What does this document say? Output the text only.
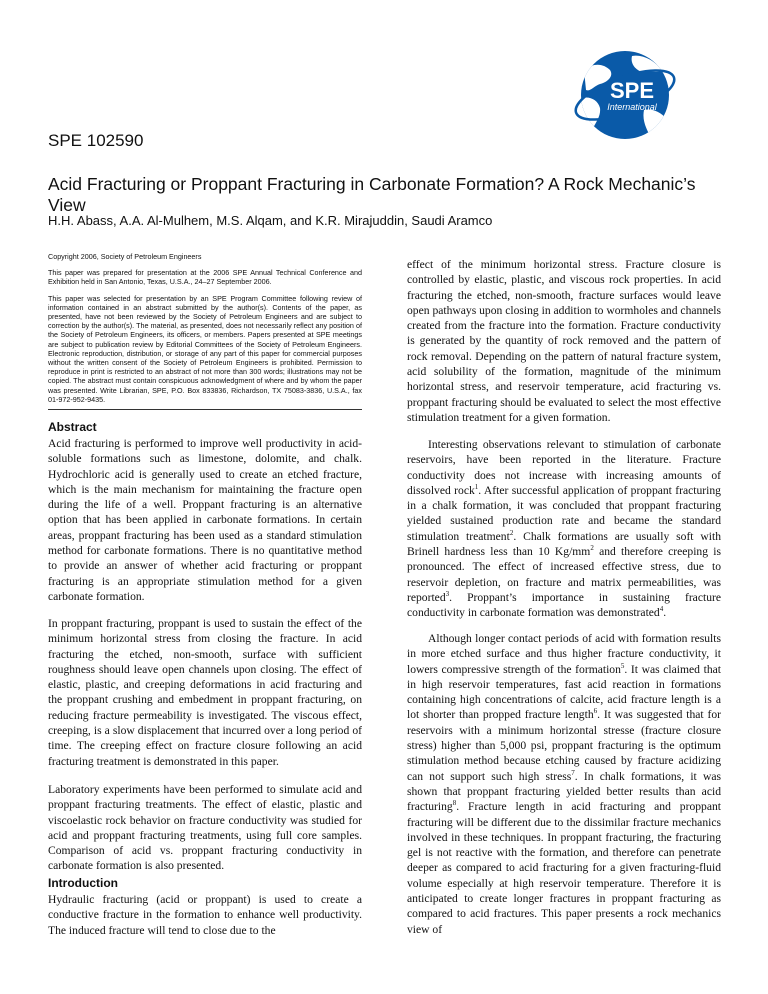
SPE
International
SPE 102590
Acid Fracturing or Proppant Fracturing in Carbonate Formation? A Rock Mechanic’s View
H.H. Abass, A.A. Al-Mulhem, M.S. Alqam, and K.R. Mirajuddin, Saudi Aramco

Copyright 2006, Society of Petroleum Engineers

This paper was prepared for presentation at the 2006 SPE Annual Technical Conference and Exhibition held in San Antonio, Texas, U.S.A., 24–27 September 2006.

This paper was selected for presentation by an SPE Program Committee following review of information contained in an abstract submitted by the author(s). Contents of the paper, as presented, have not been reviewed by the Society of Petroleum Engineers and are subject to correction by the author(s). The material, as presented, does not necessarily reflect any position of the Society of Petroleum Engineers, its officers, or members. Papers presented at SPE meetings are subject to publication review by Editorial Committees of the Society of Petroleum Engineers. Electronic reproduction, distribution, or storage of any part of this paper for commercial purposes without the written consent of the Society of Petroleum Engineers is prohibited. Permission to reproduce in print is restricted to an abstract of not more than 300 words; illustrations may not be copied. The abstract must contain conspicuous acknowledgment of where and by whom the paper was presented. Write Librarian, SPE, P.O. Box 833836, Richardson, TX 75083-3836, U.S.A., fax 01-972-952-9435.

Abstract

Acid fracturing is performed to improve well productivity in acid-soluble formations such as limestone, dolomite, and chalk. Hydrochloric acid is generally used to create an etched fracture, which is the main mechanism for maintaining the fracture open during the life of a well. Proppant fracturing is an alternative option that has been applied in carbonate formations. In certain areas, proppant fracturing has been used as a standard stimulation method for carbonate formations. There is no quantitative method to provide an answer of whether acid fracturing or proppant fracturing is an appropriate stimulation method for a given carbonate formation.

In proppant fracturing, proppant is used to sustain the effect of the minimum horizontal stress from closing the fracture. In acid fracturing the etched, non-smooth, surface with sufficient roughness should leave open channels upon closing. The effect of elastic, plastic, and creeping deformations in acid fracturing and the proppant crushing and embedment in proppant fracturing, on reducing fracture permeability is investigated. The viscous effect, creeping, is a slow displacement that incurred over a long period of time. The creeping effect on fracture closure following an acid fracturing treatment is demonstrated in this paper.

Laboratory experiments have been performed to simulate acid and proppant fracturing treatments. The effect of elastic, plastic and viscoelastic rock behavior on fracture conductivity was studied for acid and proppant fracturing treatments, using full core samples. Comparison of acid vs. proppant fracturing conductivity in carbonate formation is also presented.

Introduction

Hydraulic fracturing (acid or proppant) is used to create a conductive fracture in the formation to enhance well productivity. The induced fracture will tend to close due to the

effect of the minimum horizontal stress. Fracture closure is controlled by elastic, plastic, and viscous rock properties. In acid fracturing the etched, non-smooth, fracture surfaces would leave open pathways upon closing in addition to wormholes and channels created from the fracture into the formation. Fracture conductivity is generated by the quantity of rock removed and the pattern of rock removal. Depending on the pattern of natural fracture system, acid solubility of the formation, magnitude of the minimum horizontal stress, and reservoir temperature, acid fracturing vs. proppant fracturing should be evaluated to select the most effective stimulation treatment for a given formation.

Interesting observations relevant to stimulation of carbonate reservoirs, have been reported in the literature. Fracture conductivity does not increase with increasing amounts of dissolved rock$^1$. After successful application of proppant fracturing in a chalk formation, it was concluded that proppant fracturing yielded sustained production rate and became the standard stimulation treatment$^2$. Chalk formations are usually soft with Brinell hardness less than 10 $Kg/mm^2$ and therefore creeping is pronounced. The effect of increased effective stress, due to reservoir depletion, on fracture and matrix permeabilities, was reported$^3$. Proppant’s importance in sustaining fracture conductivity in carbonate formation was demonstrated$^4$.

Although longer contact periods of acid with formation results in more etched surface and thus higher fracture conductivity, it lowers compressive strength of the formation$^5$. It was claimed that in high reservoir temperatures, fast acid reaction in formations containing high concentrations of calcite, acid fracture length is a lot shorter than propped fracture length$^6$. It was suggested that for reservoirs with a minimum horizontal stresse (fracture closure stress) higher than 5,000 psi, proppant fracturing is the optimum stimulation method because etching caused by fracture acidizing can not support such high stress$^7$. In chalk formations, it was shown that proppant fracturing yielded better results than acid fracturing$^8$. Fracture length in acid fracturing and proppant fracturing will be different due to the dissimilar fracture mechanics involved in these techniques. In proppant fracturing, the fracturing gel is not reactive with the formation, and therefore can penetrate deeper as compared to acid fracturing for a given fracturing-fluid volume especially at high reservoir temperature. Therefore it is anticipated to create longer fractures in proppant fracturing as compared to acid fractures. This paper presents a rock mechanics view of
